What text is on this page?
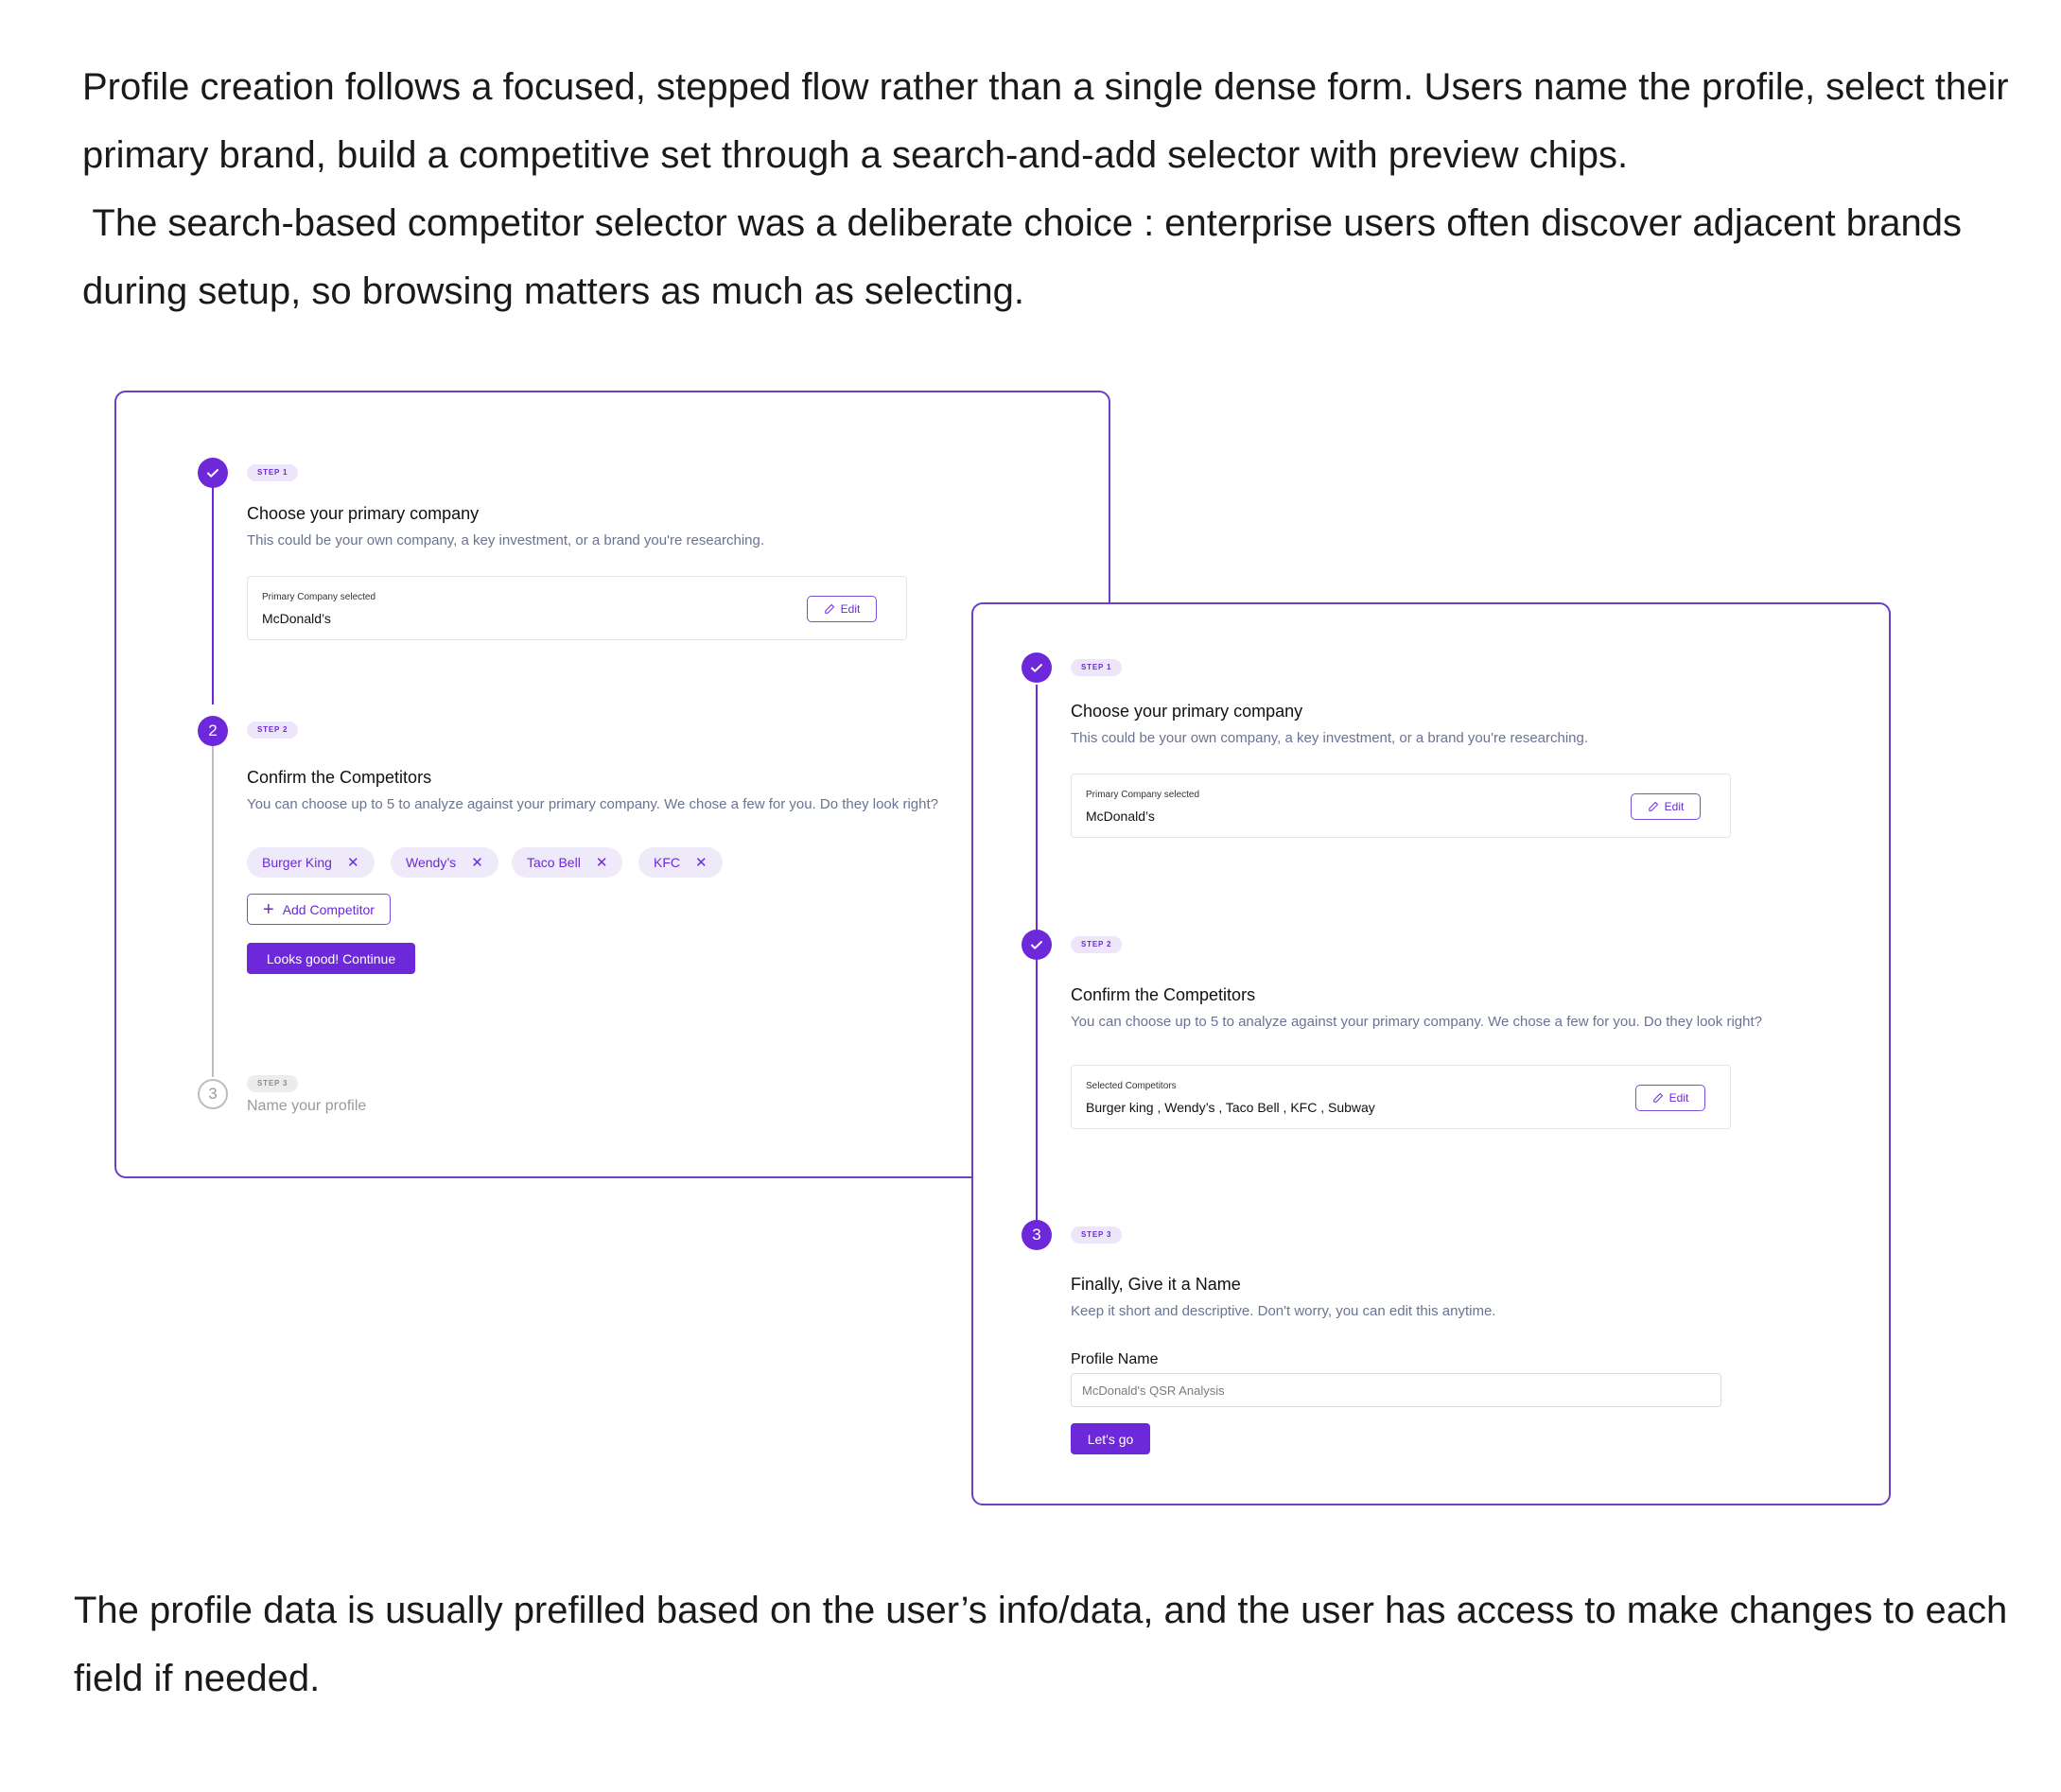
Profile creation follows a focused, stepped flow rather than a single dense form. Users name the profile, select their

primary brand, build a competitive set through a search-and-add selector with preview chips.

The search-based competitor selector was a deliberate choice : enterprise users often discover adjacent brands

during setup, so browsing matters as much as selecting.

STEP 1
Choose your primary company
This could be your own company, a key investment, or a brand you're researching.
Primary Company selected
McDonald’s
Edit
2	STEP 2
Confirm the Competitors
You can choose up to 5 to analyze against your primary company. We chose a few for you. Do they look right?
Burger King ✕	Wendy’s ✕	Taco Bell ✕	KFC ✕
+ Add Competitor
Looks good! Continue
3
STEP 3
Name your profile
STEP 1
Choose your primary company
This could be your own company, a key investment, or a brand you're researching.
Primary Company selected
McDonald’s
Edit
STEP 2
Confirm the Competitors
You can choose up to 5 to analyze against your primary company. We chose a few for you. Do they look right?
Selected Competitors
Burger king , Wendy’s , Taco Bell , KFC , Subway
Edit
3	STEP 3
Finally, Give it a Name
Keep it short and descriptive. Don't worry, you can edit this anytime.
Profile Name
McDonald's QSR Analysis
Let's go

The profile data is usually prefilled based on the user’s info/data, and the user has access to make changes to each

field if needed.
